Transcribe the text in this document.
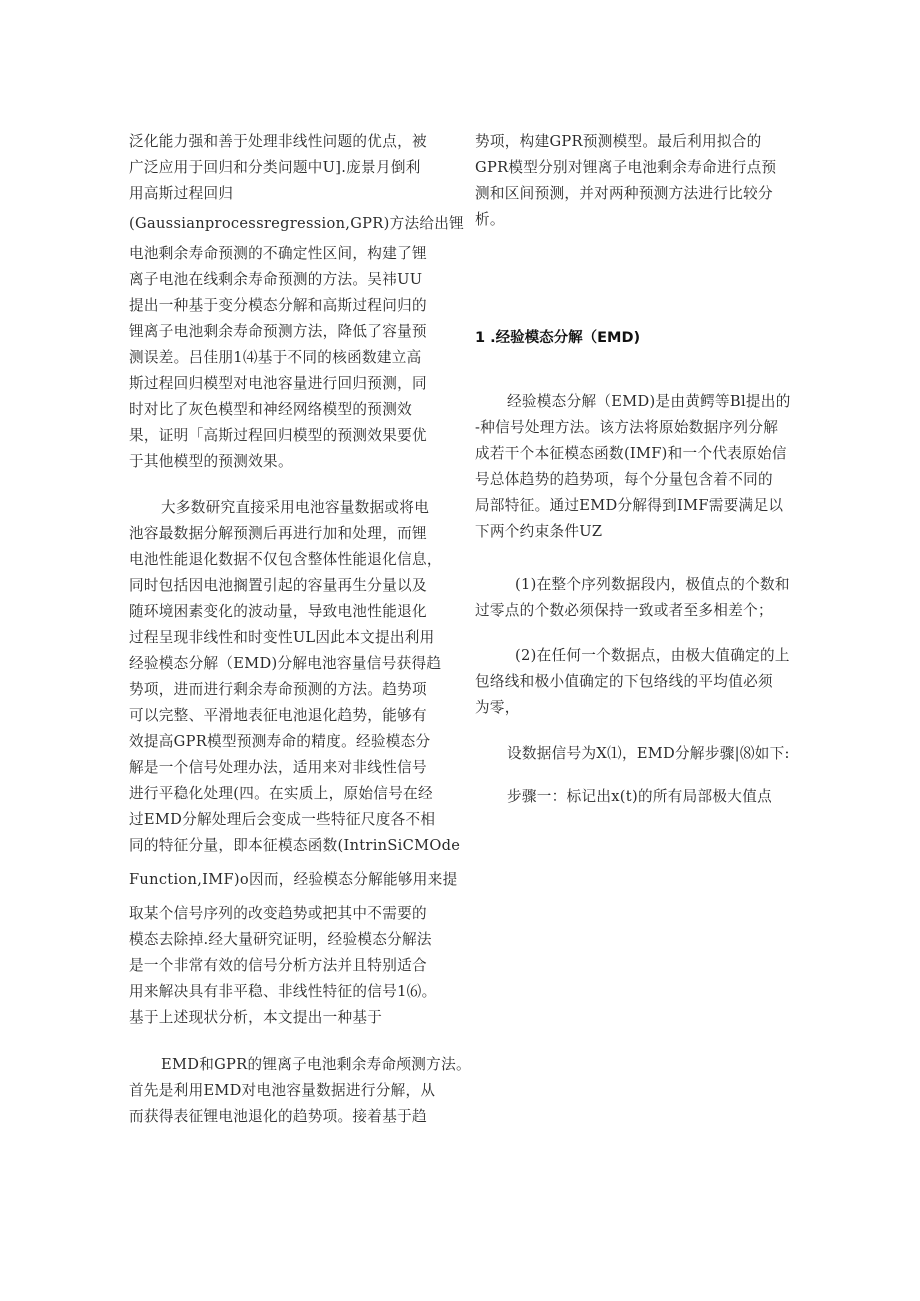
泛化能力强和善于处理非线性问题的优点，被
广泛应用于回归和分类问题中U].庞景月倒利
用高斯过程回归
(Gaussianprocessregression,GPR)方法给出锂
电池剩余寿命预测的不确定性区间，构建了锂
离子电池在线剩余寿命预测的方法。吴祎UU
提出一种基于变分模态分解和高斯过程问归的
锂离子电池剩余寿命预测方法，降低了容量预
测误差。吕佳朋1⑷基于不同的核函数建立高
斯过程回归模型对电池容量进行回归预测，同
时对比了灰色模型和神经网络模型的预测效
果，证明「高斯过程回归模型的预测效果要优
于其他模型的预测效果。
大多数研究直接采用电池容量数据或将电
池容最数据分解预测后再进行加和处理，而锂
电池性能退化数据不仅包含整体性能退化信息，
同时包括因电池搁置引起的容量再生分量以及
随环境困素变化的波动量，导致电池性能退化
过程呈现非线性和时变性UL因此本文提出利用
经验模态分解（EMD)分解电池容量信号获得趋
势项，进而进行剩余寿命预测的方法。趋势项
可以完整、平滑地表征电池退化趋势，能够有
效提高GPR模型预测寿命的精度。经验模态分
解是一个信号处理办法，适用来对非线性信号
进行平稳化处理(四。在实质上，原始信号在经
过EMD分解处理后会变成一些特征尺度各不相
同的特征分量，即本征模态函数(IntrinSiCMOde
Function,IMF)o因而，经验模态分解能够用来提
取某个信号序列的改变趋势或把其中不需要的
模态去除掉.经大量研究证明，经验模态分解法
是一个非常有效的信号分析方法并且特别适合
用来解决具有非平稳、非线性特征的信号1⑹。
基于上述现状分析，本文提出一种基于
EMD和GPR的锂离子电池剩余寿命颅测方法。
首先是利用EMD对电池容量数据进行分解，从
而获得表征锂电池退化的趋势项。接着基于趋
势项，构建GPR预测模型。最后利用拟合的
GPR模型分别对锂离子电池剩余寿命进行点预
测和区间预测，并对两种预测方法进行比较分
析。
1 .经验模态分解（EMD)
经验模态分解（EMD)是由黄鳄等Bl提出的
-种信号处理方法。该方法将原始数据序列分解
成若干个本征模态函数(IMF)和一个代表原始信
号总体趋势的趋势项，每个分量包含着不同的
局部特征。通过EMD分解得到IMF需要满足以
下两个约束条件UZ
(1)在整个序列数据段内，极值点的个数和
过零点的个数必须保持一致或者至多相差个；
(2)在任何一个数据点，由极大值确定的上
包络线和极小值确定的下包络线的平均值必须
为零，
设数据信号为X⑴，EMD分解步骤|⑻如下:
步骤一：标记出x(t)的所有局部极大值点
